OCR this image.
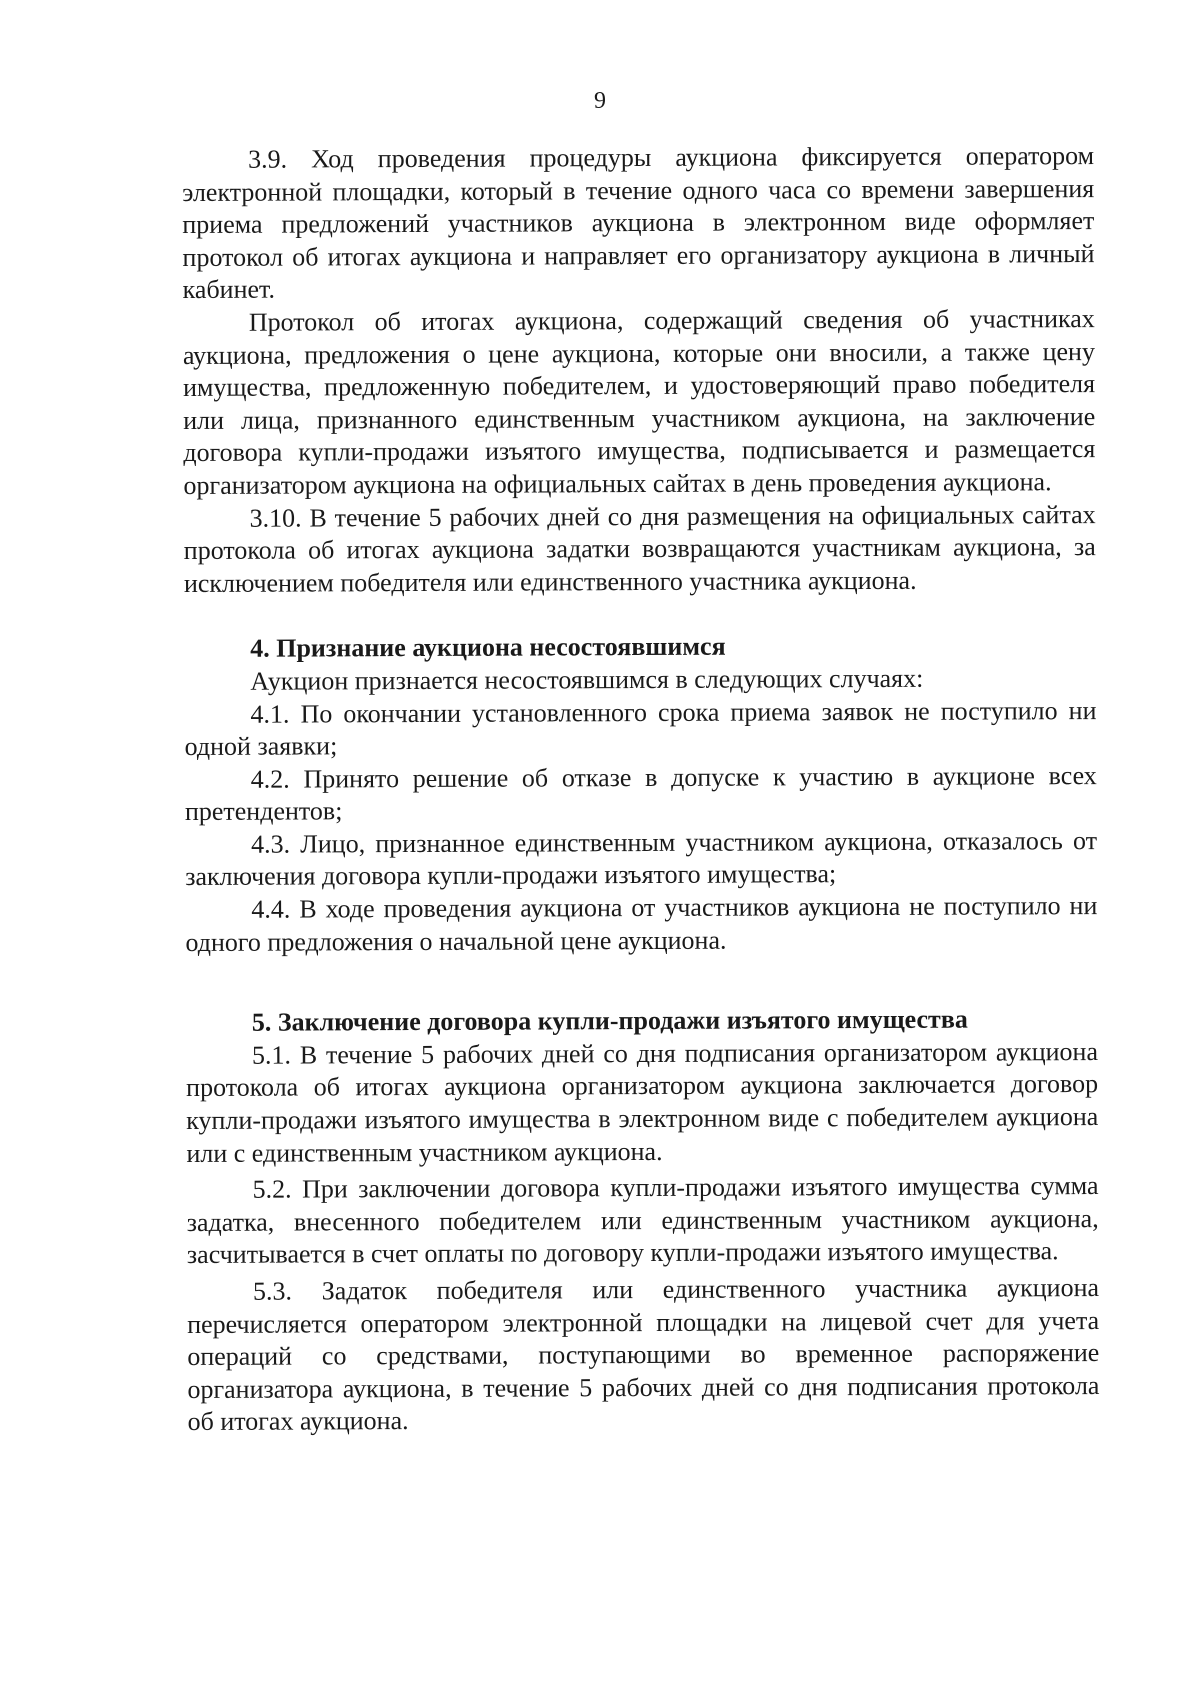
9

3.9. Ход проведения процедуры аукциона фиксируется оператором электронной площадки, который в течение одного часа со времени завершения приема предложений участников аукциона в электронном виде оформляет протокол об итогах аукциона и направляет его организатору аукциона в личный кабинет.

Протокол об итогах аукциона, содержащий сведения об участниках аукциона, предложения о цене аукциона, которые они вносили, а также цену имущества, предложенную победителем, и удостоверяющий право победителя или лица, признанного единственным участником аукциона, на заключение договора купли-продажи изъятого имущества, подписывается и размещается организатором аукциона на официальных сайтах в день проведения аукциона.

3.10. В течение 5 рабочих дней со дня размещения на официальных сайтах протокола об итогах аукциона задатки возвращаются участникам аукциона, за исключением победителя или единственного участника аукциона.

4. Признание аукциона несостоявшимся

Аукцион признается несостоявшимся в следующих случаях:

4.1. По окончании установленного срока приема заявок не поступило ни одной заявки;

4.2. Принято решение об отказе в допуске к участию в аукционе всех претендентов;

4.3. Лицо, признанное единственным участником аукциона, отказалось от заключения договора купли-продажи изъятого имущества;

4.4. В ходе проведения аукциона от участников аукциона не поступило ни одного предложения о начальной цене аукциона.

5. Заключение договора купли-продажи изъятого имущества

5.1. В течение 5 рабочих дней со дня подписания организатором аукциона протокола об итогах аукциона организатором аукциона заключается договор купли-продажи изъятого имущества в электронном виде с победителем аукциона или с единственным участником аукциона.

5.2. При заключении договора купли-продажи изъятого имущества сумма задатка, внесенного победителем или единственным участником аукциона, засчитывается в счет оплаты по договору купли-продажи изъятого имущества.

5.3. Задаток победителя или единственного участника аукциона перечисляется оператором электронной площадки на лицевой счет для учета операций со средствами, поступающими во временное распоряжение организатора аукциона, в течение 5 рабочих дней со дня подписания протокола об итогах аукциона.
